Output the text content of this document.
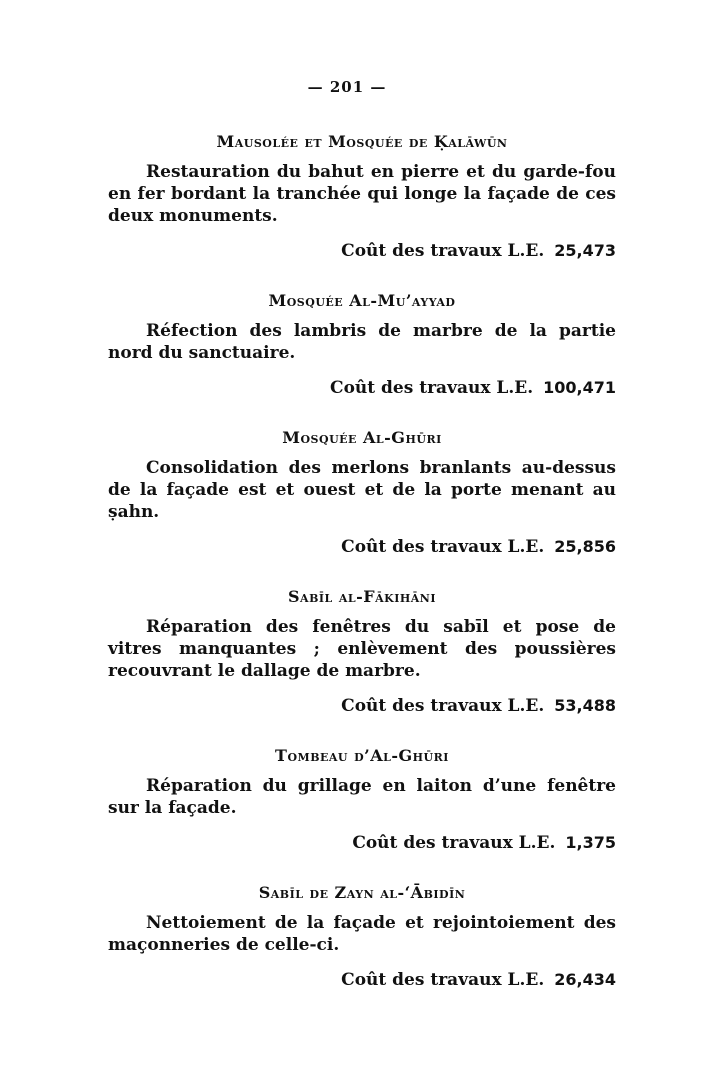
— 201 —
Mausolée et Mosquée de Ḳalāwūn

Restauration du bahut en pierre et du garde-fou en fer bordant la tranchée qui longe la façade de ces deux monuments.

Coût des travaux L.E. 25,473
Mosquée Al-Mu’ayyad

Réfection des lambris de marbre de la partie nord du sanctuaire.

Coût des travaux L.E. 100,471
Mosquée Al-Ghūri

Consolidation des merlons branlants au-dessus de la façade est et ouest et de la porte menant au ṣahn.

Coût des travaux L.E. 25,856
Sabīl al-Fākihāni

Réparation des fenêtres du sabīl et pose de vitres manquantes ; enlèvement des poussières recouvrant le dallage de marbre.

Coût des travaux L.E. 53,488
Tombeau d’Al-Ghūri

Réparation du grillage en laiton d’une fenêtre sur la façade.

Coût des travaux L.E. 1,375
Sabīl de Zayn al-‘Ābidīn

Nettoiement de la façade et rejointoiement des maçonneries de celle-ci.

Coût des travaux L.E. 26,434
